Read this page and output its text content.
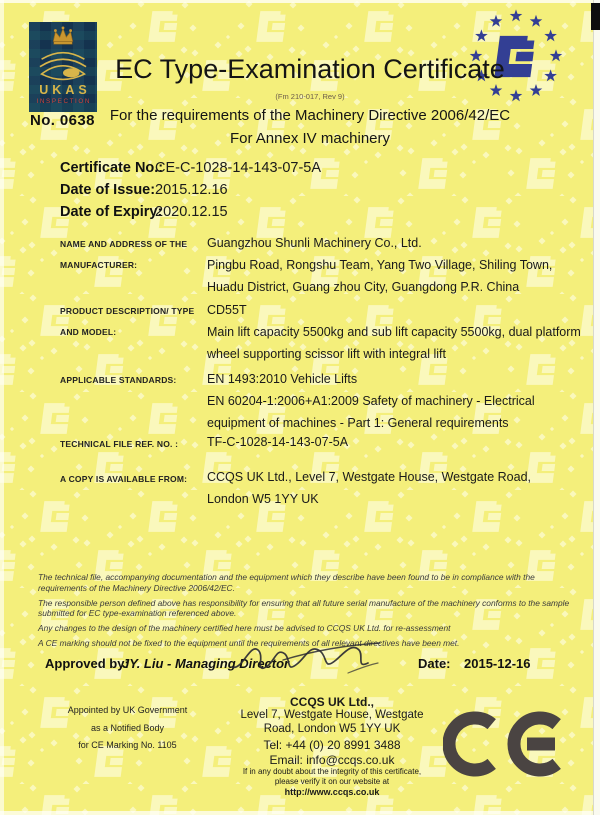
UKAS
INSPECTION
No. 0638
EC Type-Examination Certificate
(Fm 210-017, Rev 9)
For the requirements of the Machinery Directive 2006/42/EC
For Annex IV machinery
Certificate No.:
CE-C-1028-14-143-07-5A
Date of Issue: 2015.12.16
Date of Expiry:
2020.12.15
NAME AND ADDRESS OF THE
MANUFACTURER:
Guangzhou Shunli Machinery Co., Ltd.
Pingbu Road, Rongshu Team, Yang Two Village, Shiling Town,
Huadu District, Guang zhou City, Guangdong P.R. China
PRODUCT DESCRIPTION/ TYPE
AND MODEL:
CD55T
Main lift capacity 5500kg and sub lift capacity 5500kg, dual platform
wheel supporting scissor lift with integral lift
APPLICABLE STANDARDS:	EN 1493:2010 Vehicle Lifts
EN 60204-1:2006+A1:2009 Safety of machinery - Electrical
equipment of machines - Part 1: General requirements
TECHNICAL FILE REF. NO. :	TF-C-1028-14-143-07-5A
A COPY IS AVAILABLE FROM:	CCQS UK Ltd., Level 7, Westgate House, Westgate Road,
London W5 1YY UK

The technical file, accompanying documentation and the equipment which they describe have been found to be in compliance with the requirements of the Machinery Directive 2006/42/EC.

The responsible person defined above has responsibility for ensuring that all future serial manufacture of the machinery conforms to the sample submitted for EC type-examination referenced above.

Any changes to the design of the machinery certified here must be advised to CCQS UK Ltd. for re-assessment

A CE marking should not be fixed to the equipment until the requirements of all relevant directives have been met.

Approved by:
JY. Liu - Managing Director	Date: 2015-12-16
Appointed by UK Government
as a Notified Body
for CE Marking No. 1105
CCQS UK Ltd.,
Level 7, Westgate House, Westgate
Road, London W5 1YY UK
Tel: +44 (0) 20 8991 3488
Email: info@ccqs.co.uk
If in any doubt about the integrity of this certificate,
please verify it on our website at
http://www.ccqs.co.uk
